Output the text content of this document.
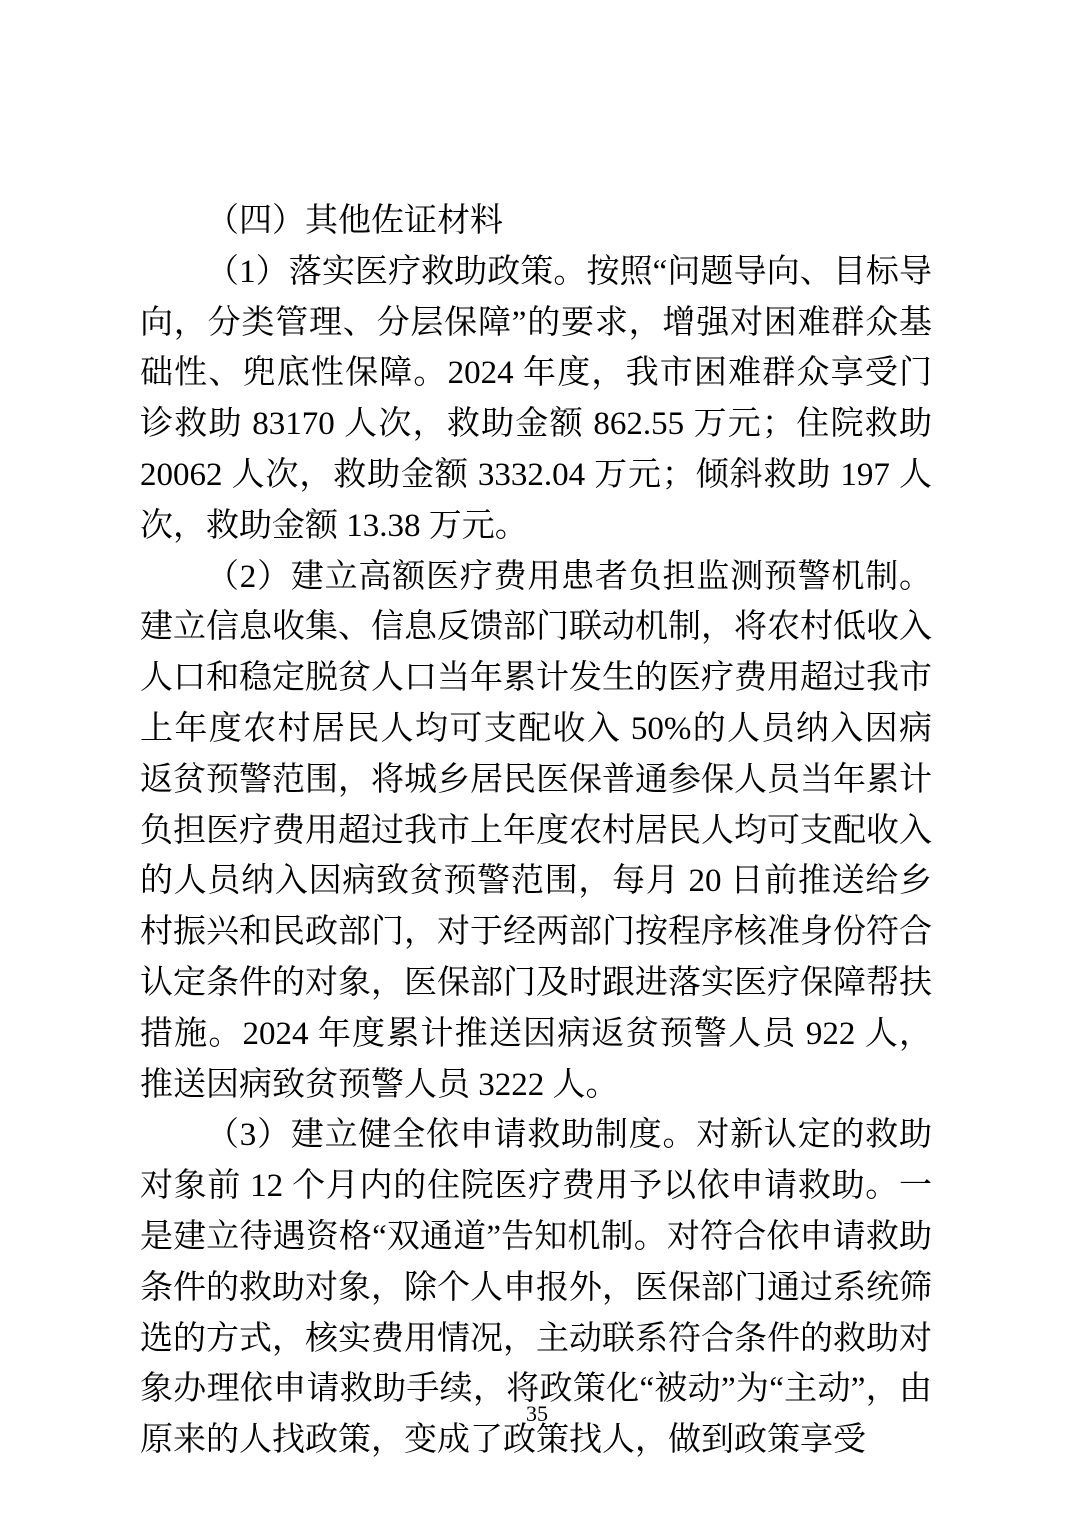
（四）其他佐证材料

（1）落实医疗救助政策。按照“问题导向、目标导向，分类管理、分层保障”的要求，增强对困难群众基础性、兜底性保障。2024 年度，我市困难群众享受门诊救助 83170 人次，救助金额 862.55 万元；住院救助 20062 人次，救助金额 3332.04 万元；倾斜救助 197 人次，救助金额 13.38 万元。

（2）建立高额医疗费用患者负担监测预警机制。建立信息收集、信息反馈部门联动机制，将农村低收入人口和稳定脱贫人口当年累计发生的医疗费用超过我市上年度农村居民人均可支配收入 50%的人员纳入因病返贫预警范围，将城乡居民医保普通参保人员当年累计负担医疗费用超过我市上年度农村居民人均可支配收入的人员纳入因病致贫预警范围，每月 20 日前推送给乡村振兴和民政部门，对于经两部门按程序核准身份符合认定条件的对象，医保部门及时跟进落实医疗保障帮扶措施。2024 年度累计推送因病返贫预警人员 922 人，推送因病致贫预警人员 3222 人。

（3）建立健全依申请救助制度。对新认定的救助对象前 12 个月内的住院医疗费用予以依申请救助。一是建立待遇资格“双通道”告知机制。对符合依申请救助条件的救助对象，除个人申报外，医保部门通过系统筛选的方式，核实费用情况，主动联系符合条件的救助对象办理依申请救助手续，将政策化“被动”为“主动”，由原来的人找政策，变成了政策找人，做到政策享受

35
